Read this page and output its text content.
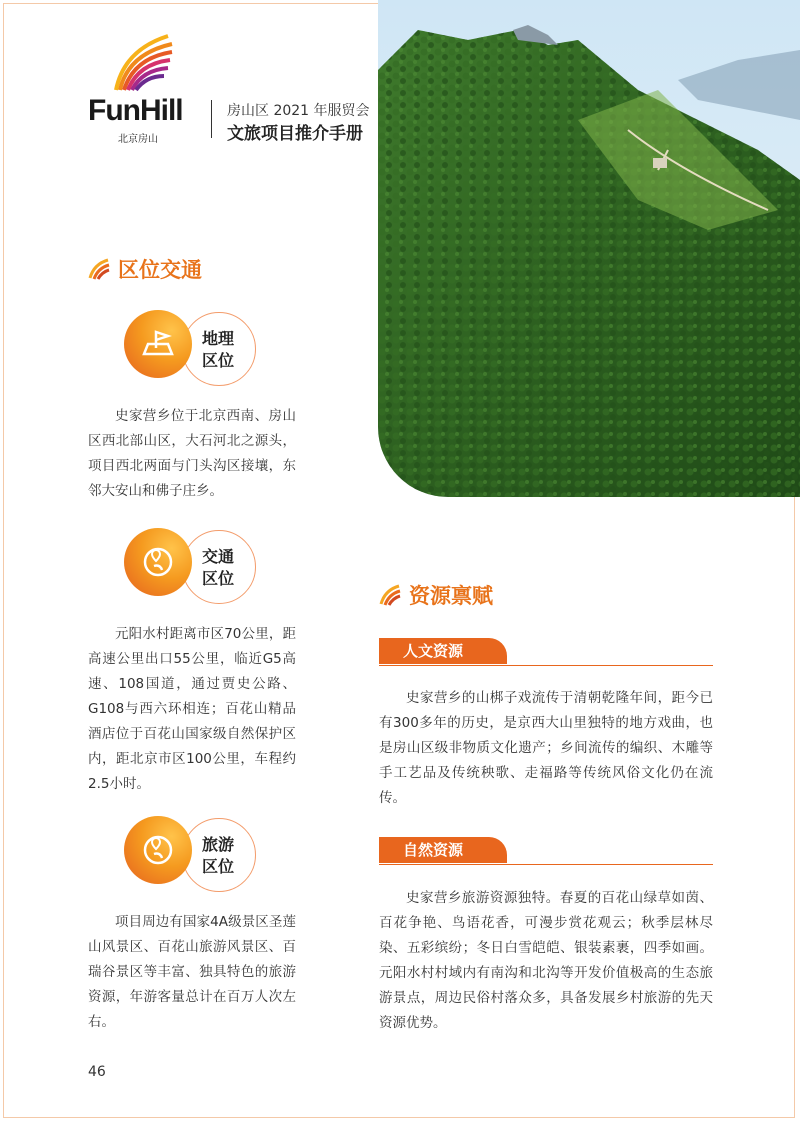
FunHill
北京房山
房山区 2021 年服贸会
文旅项目推介手册
区位交通
地理区位

史家营乡位于北京西南、房山区西北部山区，大石河北之源头，项目西北两面与门头沟区接壤，东邻大安山和佛子庄乡。

交通区位

元阳水村距离市区70公里，距高速公里出口55公里，临近G5高速、108国道，通过贾史公路、G108与西六环相连；百花山精品酒店位于百花山国家级自然保护区内，距北京市区100公里，车程约2.5小时。

旅游区位

项目周边有国家4A级景区圣莲山风景区、百花山旅游风景区、百瑞谷景区等丰富、独具特色的旅游资源，年游客量总计在百万人次左右。

资源禀赋
人文资源

史家营乡的山梆子戏流传于清朝乾隆年间，距今已有300多年的历史，是京西大山里独特的地方戏曲，也是房山区级非物质文化遗产；乡间流传的编织、木雕等手工艺品及传统秧歌、走福路等传统风俗文化仍在流传。

自然资源

史家营乡旅游资源独特。春夏的百花山绿草如茵、百花争艳、鸟语花香，可漫步赏花观云；秋季层林尽染、五彩缤纷；冬日白雪皑皑、银装素裹，四季如画。元阳水村村域内有南沟和北沟等开发价值极高的生态旅游景点，周边民俗村落众多，具备发展乡村旅游的先天资源优势。

46
